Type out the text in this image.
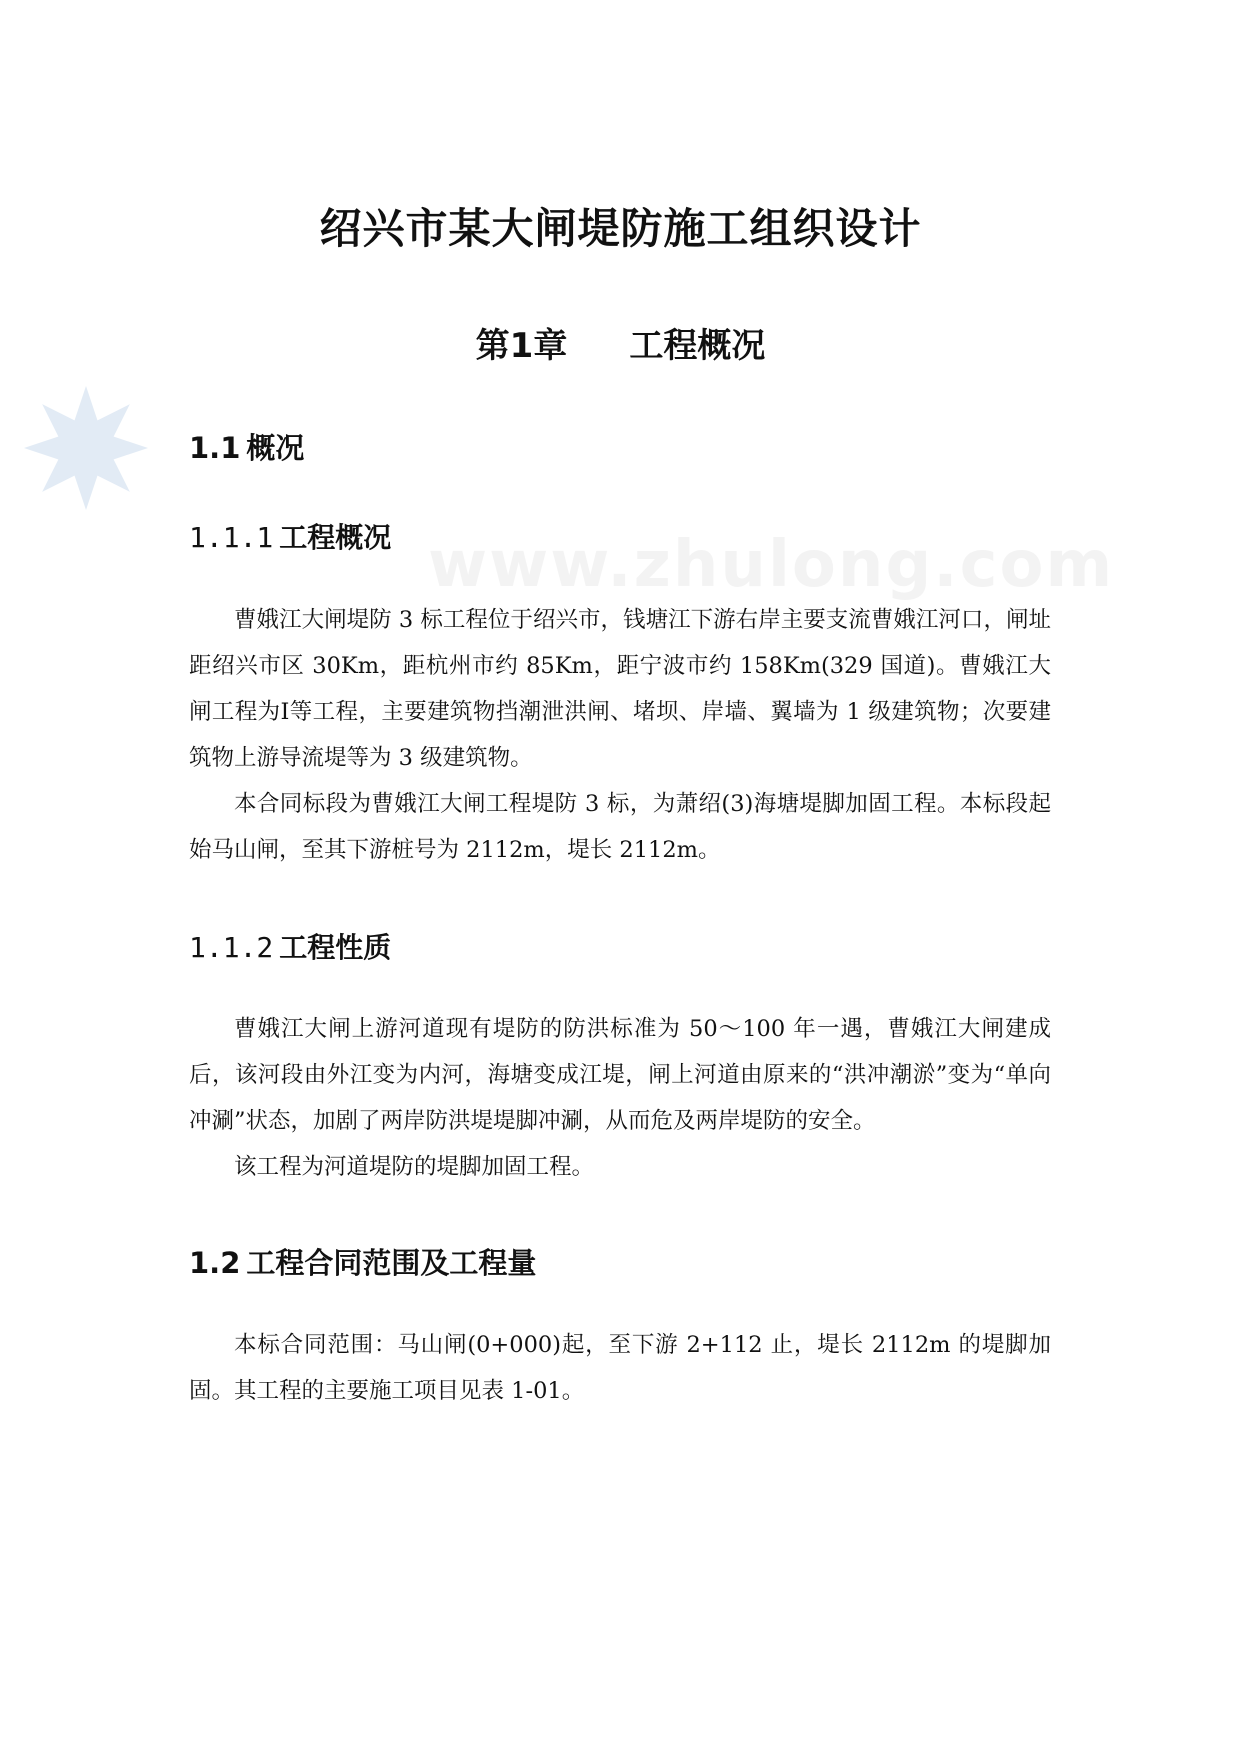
www.zhulong.com
绍兴市某大闸堤防施工组织设计
第1章 工程概况
1.1 概况
1.1.1 工程概况

曹娥江大闸堤防 3 标工程位于绍兴市，钱塘江下游右岸主要支流曹娥江河口，闸址距绍兴市区 30Km，距杭州市约 85Km，距宁波市约 158Km(329 国道)。曹娥江大闸工程为Ⅰ等工程，主要建筑物挡潮泄洪闸、堵坝、岸墙、翼墙为 1 级建筑物；次要建筑物上游导流堤等为 3 级建筑物。

本合同标段为曹娥江大闸工程堤防 3 标，为萧绍(3)海塘堤脚加固工程。本标段起始马山闸，至其下游桩号为 2112m，堤长 2112m。

1.1.2 工程性质

曹娥江大闸上游河道现有堤防的防洪标准为 50～100 年一遇，曹娥江大闸建成后，该河段由外江变为内河，海塘变成江堤，闸上河道由原来的“洪冲潮淤”变为“单向冲涮”状态，加剧了两岸防洪堤堤脚冲涮，从而危及两岸堤防的安全。

该工程为河道堤防的堤脚加固工程。

1.2 工程合同范围及工程量

本标合同范围：马山闸(0+000)起，至下游 2+112 止，堤长 2112m 的堤脚加固。其工程的主要施工项目见表 1-01。
